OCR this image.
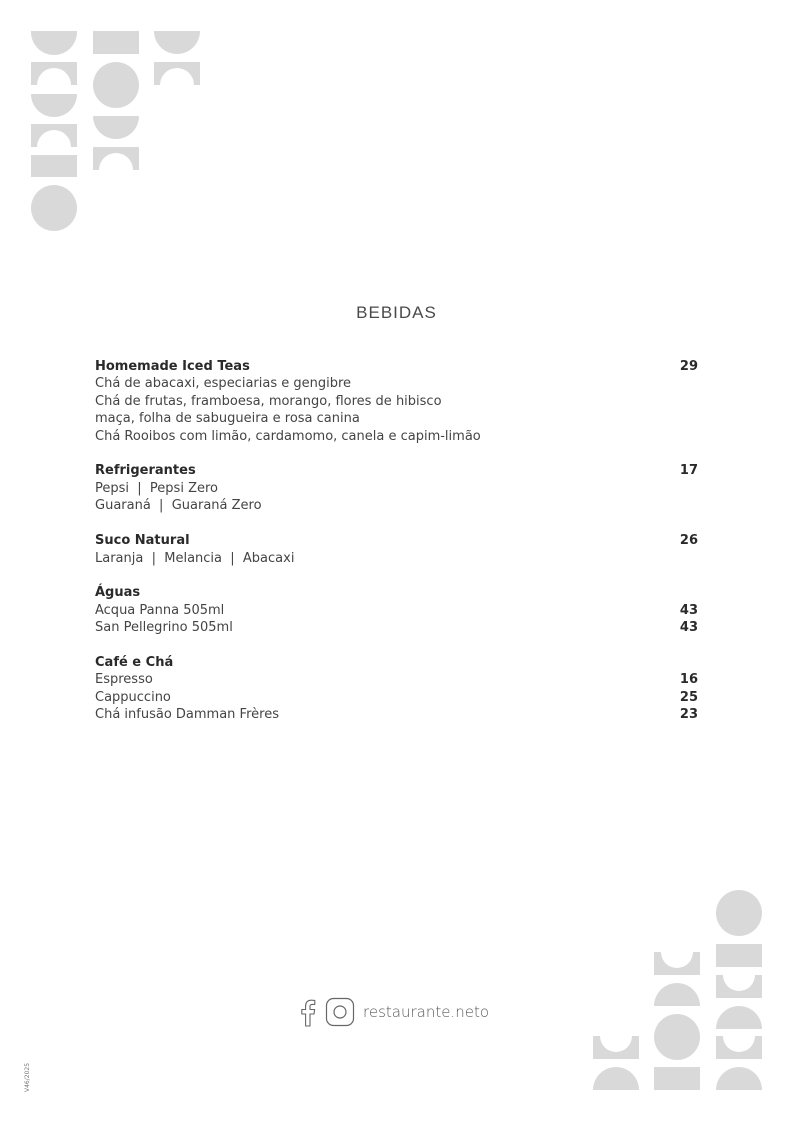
BEBIDAS
Homemade Iced Teas	29
Chá de abacaxi, especiarias e gengibre
Chá de frutas, framboesa, morango, flores de hibisco
maça, folha de sabugueira e rosa canina
Chá Rooibos com limão, cardamomo, canela e capim-limão
Refrigerantes	17
Pepsi  |  Pepsi Zero
Guaraná  |  Guaraná Zero
Suco Natural	26
Laranja  |  Melancia  |  Abacaxi
Águas
Acqua Panna 505ml	43
San Pellegrino 505ml	43
Café e Chá
Espresso	16
Cappuccino	25
Chá infusão Damman Frères	23
restaurante.neto
V46/2025
